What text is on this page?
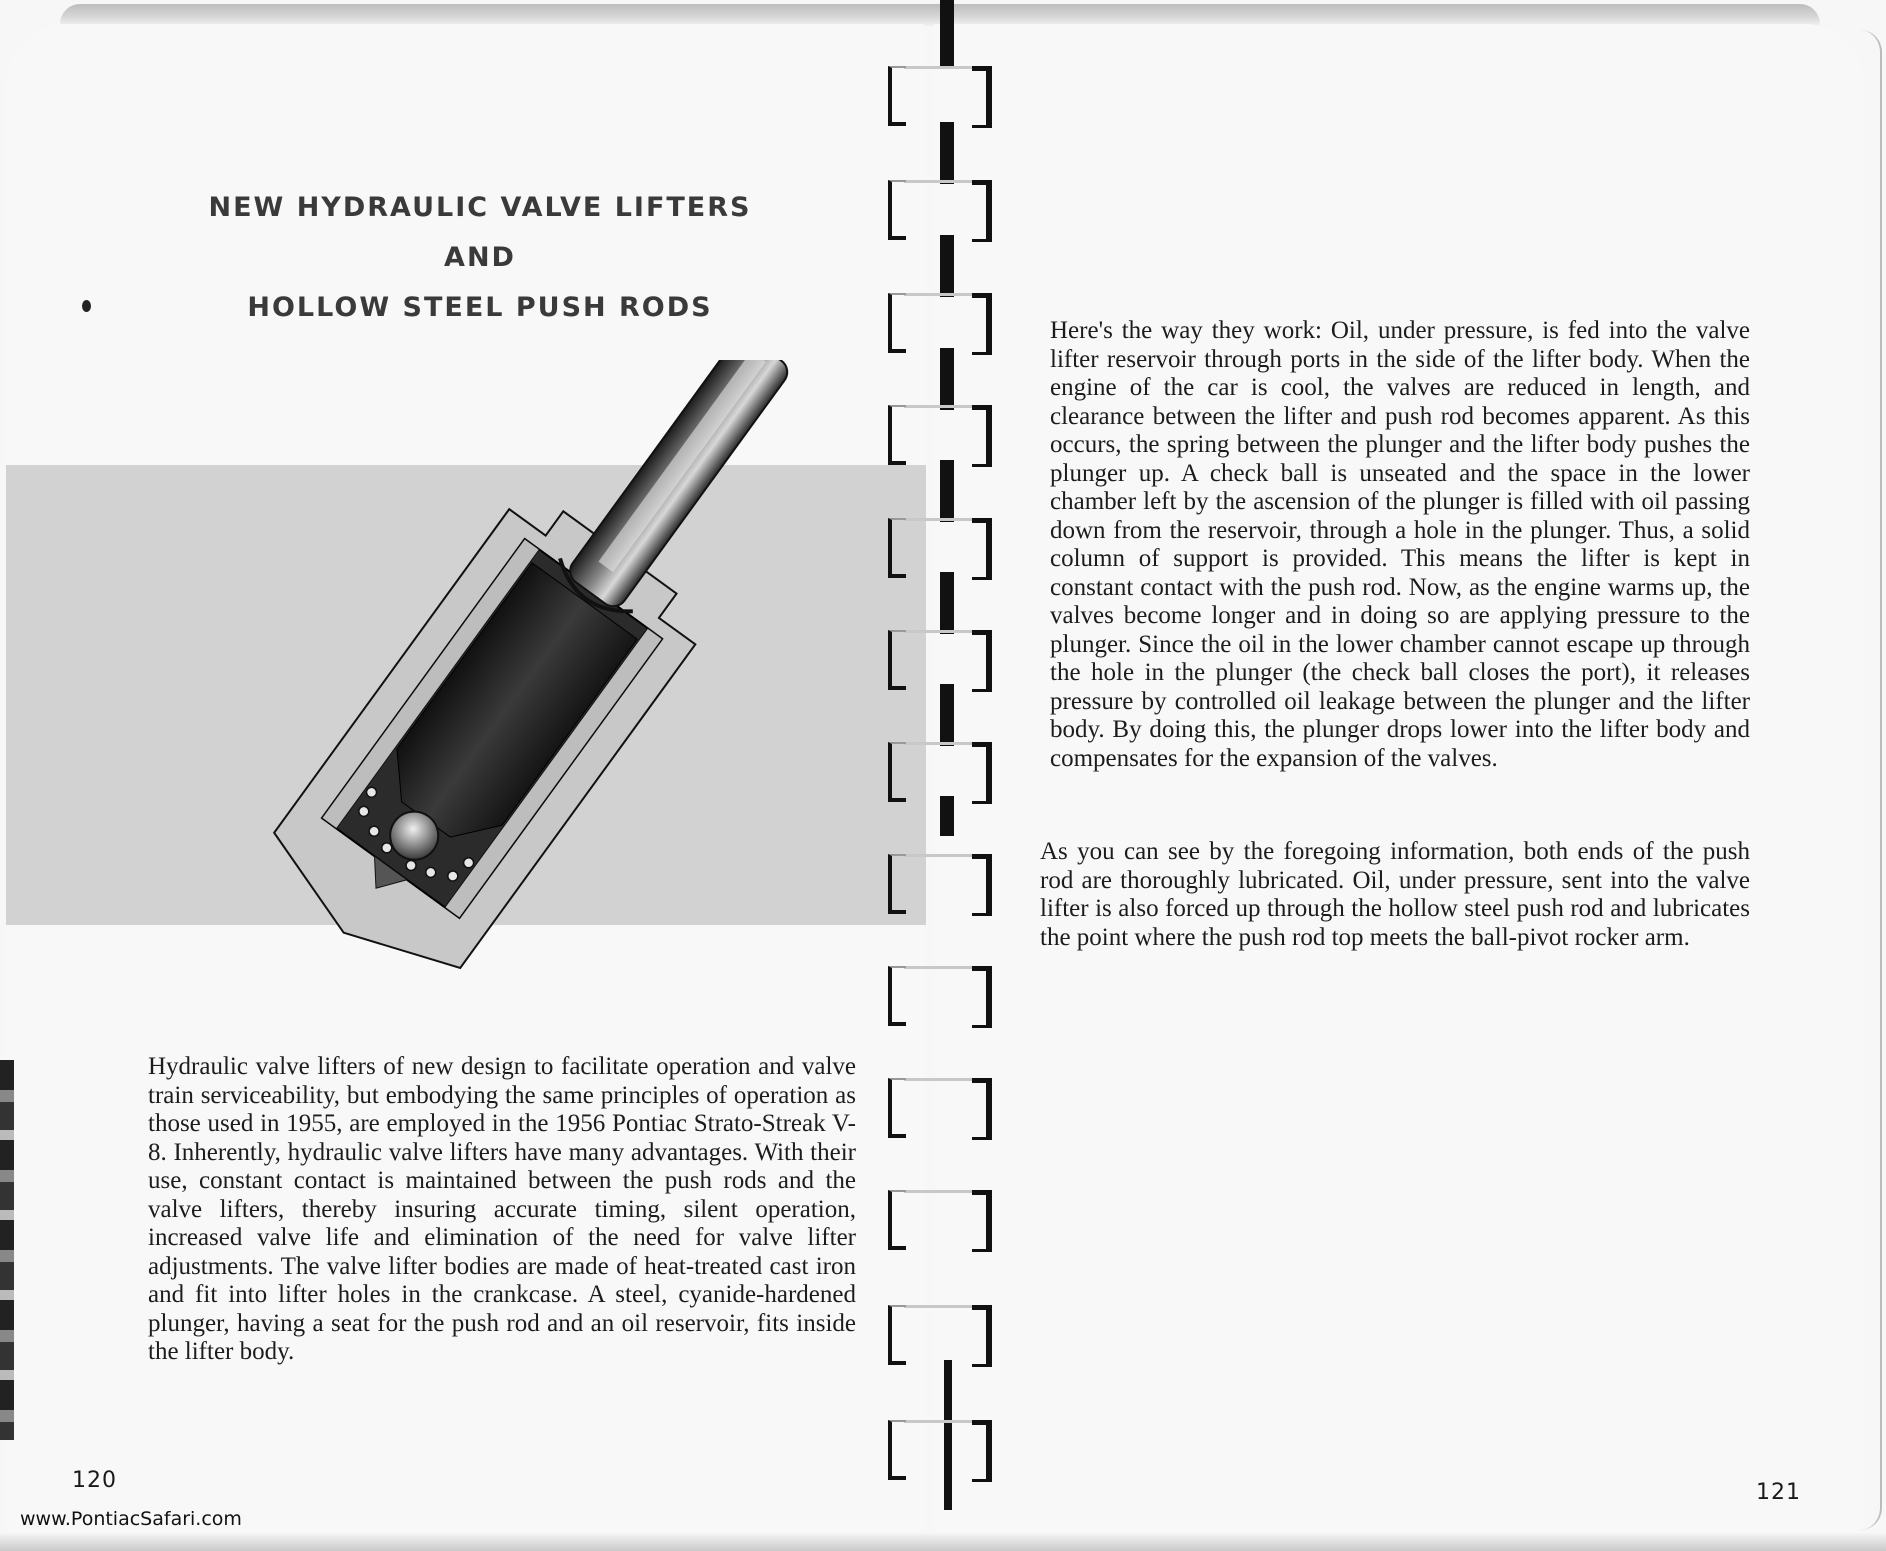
NEW HYDRAULIC VALVE LIFTERS
AND
HOLLOW STEEL PUSH RODS
Hydraulic valve lifters of new design to facilitate operation and valve train serviceability, but embodying the same principles of operation as those used in 1955, are employed in the 1956 Pontiac Strato-Streak V-8. Inherently, hydraulic valve lifters have many advantages. With their use, constant contact is maintained between the push rods and the valve lifters, thereby insuring accurate timing, silent operation, increased valve life and elimination of the need for valve lifter adjustments. The valve lifter bodies are made of heat-treated cast iron and fit into lifter holes in the crankcase. A steel, cyanide-hardened plunger, having a seat for the push rod and an oil reservoir, fits inside the lifter body.
120
www.PontiacSafari.com
Here's the way they work: Oil, under pressure, is fed into the valve lifter reservoir through ports in the side of the lifter body. When the engine of the car is cool, the valves are reduced in length, and clearance between the lifter and push rod becomes apparent. As this occurs, the spring between the plunger and the lifter body pushes the plunger up. A check ball is unseated and the space in the lower chamber left by the ascension of the plunger is filled with oil passing down from the reservoir, through a hole in the plunger. Thus, a solid column of support is provided. This means the lifter is kept in constant contact with the push rod. Now, as the engine warms up, the valves become longer and in doing so are applying pressure to the plunger. Since the oil in the lower chamber cannot escape up through the hole in the plunger (the check ball closes the port), it releases pressure by controlled oil leakage between the plunger and the lifter body. By doing this, the plunger drops lower into the lifter body and compensates for the expansion of the valves.
As you can see by the foregoing information, both ends of the push rod are thoroughly lubricated. Oil, under pressure, sent into the valve lifter is also forced up through the hollow steel push rod and lubricates the point where the push rod top meets the ball-pivot rocker arm.
121
